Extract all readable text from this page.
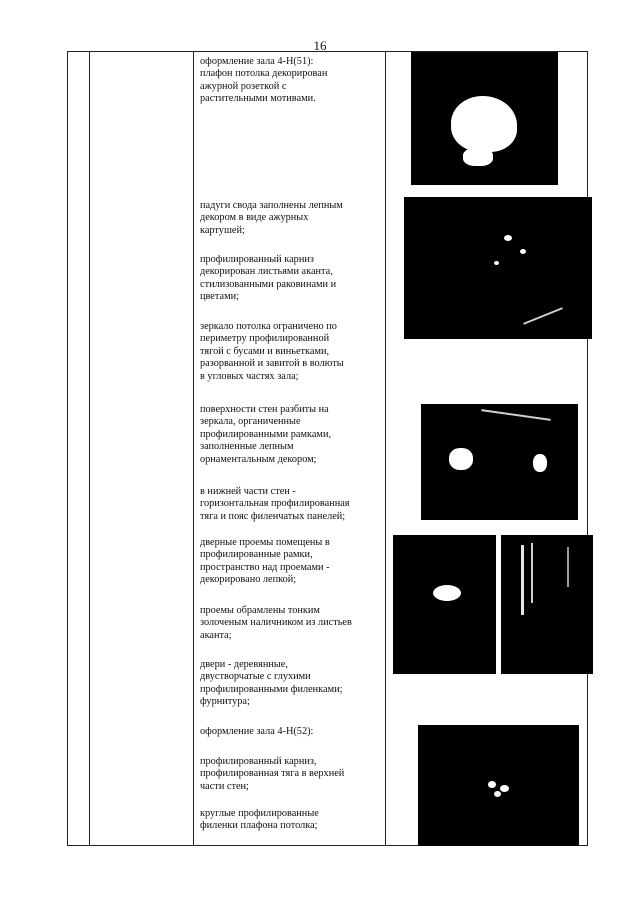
16

оформление зала 4-Н(51):
плафон потолка декорирован
ажурной розеткой с
растительными мотивами.

падуги свода заполнены лепным
декором в виде ажурных
картушей;

профилированный карниз
декорирован листьями аканта,
стилизованными раковинами и
цветами;

зеркало потолка ограничено по
периметру профилированной
тягой с бусами и виньетками,
разорванной и завитой в волюты
в угловых частях зала;

поверхности стен разбиты на
зеркала, органиченные
профилированными рамками,
заполненные лепным
орнаментальным декором;

в нижней части стен -
горизонтальная профилированная
тяга и пояс филенчатых панелей;

дверные проемы помещены в
профилированные рамки,
пространство над проемами -
декорировано лепкой;

проемы обрамлены тонким
золоченым наличником из листьев
аканта;

двери - деревянные,
двустворчатые с глухими
профилированными филенками;
фурнитура;

оформление зала 4-Н(52):

профилированный карниз,
профилированная тяга в верхней
части стен;

круглые профилированные
филенки плафона потолка;
